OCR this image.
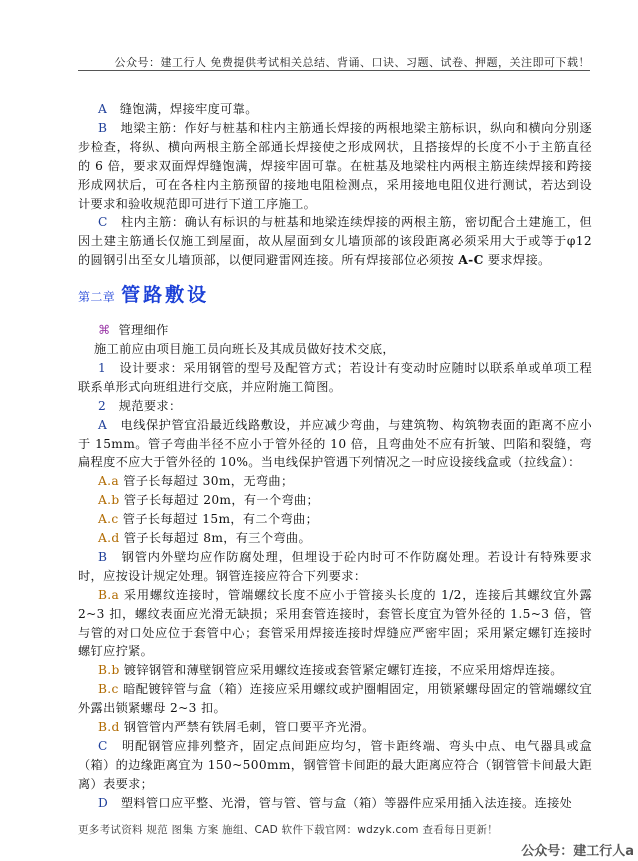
公众号：建工行人 免费提供考试相关总结、背诵、口诀、习题、试卷、押题，关注即可下载！

A 缝饱满，焊接牢度可靠。

B 地梁主筋：作好与桩基和柱内主筋通长焊接的两根地梁主筋标识，纵向和横向分别逐步检查，将纵、横向两根主筋全部通长焊接使之形成网状，且搭接焊的长度不小于主筋直径的 6 倍，要求双面焊焊缝饱满，焊接牢固可靠。在桩基及地梁柱内两根主筋连续焊接和跨接形成网状后，可在各柱内主筋预留的接地电阻检测点，采用接地电阻仪进行测试，若达到设计要求和验收规范即可进行下道工序施工。

C 柱内主筋：确认有标识的与桩基和地梁连续焊接的两根主筋，密切配合土建施工，但因土建主筋通长仅施工到屋面，故从屋面到女儿墙顶部的该段距离必须采用大于或等于φ12 的圆钢引出至女儿墙顶部，以便同避雷网连接。所有焊接部位必须按 A-C 要求焊接。

第二章 管路敷设

⌘ 管理细作

施工前应由项目施工员向班长及其成员做好技术交底，

1 设计要求：采用钢管的型号及配管方式；若设计有变动时应随时以联系单或单项工程联系单形式向班组进行交底，并应附施工简图。

2 规范要求：

A 电线保护管宜沿最近线路敷设，并应减少弯曲，与建筑物、构筑物表面的距离不应小于 15mm。管子弯曲半径不应小于管外径的 10 倍，且弯曲处不应有折皱、凹陷和裂缝，弯扁程度不应大于管外径的 10%。当电线保护管遇下列情况之一时应设接线盒或（拉线盒）：

A.a 管子长每超过 30m，无弯曲；

A.b 管子长每超过 20m，有一个弯曲；

A.c 管子长每超过 15m，有二个弯曲；

A.d 管子长每超过 8m，有三个弯曲。

B 钢管内外壁均应作防腐处理，但埋设于砼内时可不作防腐处理。若设计有特殊要求时，应按设计规定处理。钢管连接应符合下列要求：

B.a 采用螺纹连接时，管端螺纹长度不应小于管接头长度的 1/2，连接后其螺纹宜外露 2~3 扣，螺纹表面应光滑无缺损；采用套管连接时，套管长度宜为管外径的 1.5~3 倍，管与管的对口处应位于套管中心；套管采用焊接连接时焊缝应严密牢固；采用紧定螺钉连接时螺钉应拧紧。

B.b 镀锌钢管和薄壁钢管应采用螺纹连接或套管紧定螺钉连接，不应采用熔焊连接。

B.c 暗配镀锌管与盒（箱）连接应采用螺纹或护圈帽固定，用锁紧螺母固定的管端螺纹宜外露出锁紧螺母 2~3 扣。

B.d 钢管管内严禁有铁屑毛刺，管口要平齐光滑。

C 明配钢管应排列整齐，固定点间距应均匀，管卡距终端、弯头中点、电气器具或盒（箱）的边缘距离宜为 150~500mm，钢管管卡间距的最大距离应符合（钢管管卡间最大距离）表要求；

D 塑料管口应平整、光滑，管与管、管与盒（箱）等器件应采用插入法连接。连接处

更多考试资料 规范 图集 方案 施组、CAD 软件下载官网：wdzyk.com 查看每日更新！
公众号：建工行人a
